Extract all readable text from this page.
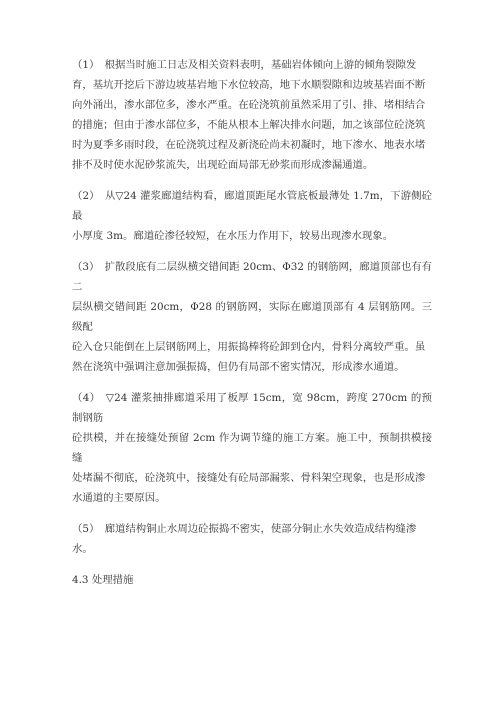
（1）　根据当时施工日志及相关资料表明，基础岩体倾向上游的倾角裂隙发
育，基坑开挖后下游边坡基岩地下水位较高，地下水顺裂隙和边坡基岩面不断
向外涌出，渗水部位多，渗水严重。在砼浇筑前虽然采用了引、排、堵相结合
的措施；但由于渗水部位多，不能从根本上解决排水问题，加之该部位砼浇筑
时为夏季多雨时段，在砼浇筑过程及新浇砼尚未初凝时，地下渗水、地表水堵
排不及时使水泥砂浆流失，出现砼面局部无砂浆而形成渗漏通道。
（2）　从▽24 灌浆廊道结构看，廊道顶距尾水管底板最薄处 1.7m，下游侧砼最
小厚度 3m。廊道砼渗径较短，在水压力作用下，较易出现渗水现象。
（3）　扩散段底有二层纵横交错间距 20cm、Φ32 的钢筋网，廊道顶部也有有二
层纵横交错间距 20cm，Φ28 的钢筋网，实际在廊道顶部有 4 层钢筋网。三级配
砼入仓只能倒在上层钢筋网上，用振捣棒将砼卸到仓内，骨料分离较严重。虽
然在浇筑中强调注意加强振捣，但仍有局部不密实情况，形成渗水通道。
（4）　▽24 灌浆抽排廊道采用了板厚 15cm，宽 98cm，跨度 270cm 的预制钢筋
砼拱模，并在接缝处预留 2cm 作为调节缝的施工方案。施工中，预制拱模接缝
处堵漏不彻底，砼浇筑中，接缝处有砼局部漏浆、骨料架空现象，也是形成渗
水通道的主要原因。
（5）　廊道结构铜止水周边砼振捣不密实，使部分铜止水失效造成结构缝渗
水。
4.3 处理措施
